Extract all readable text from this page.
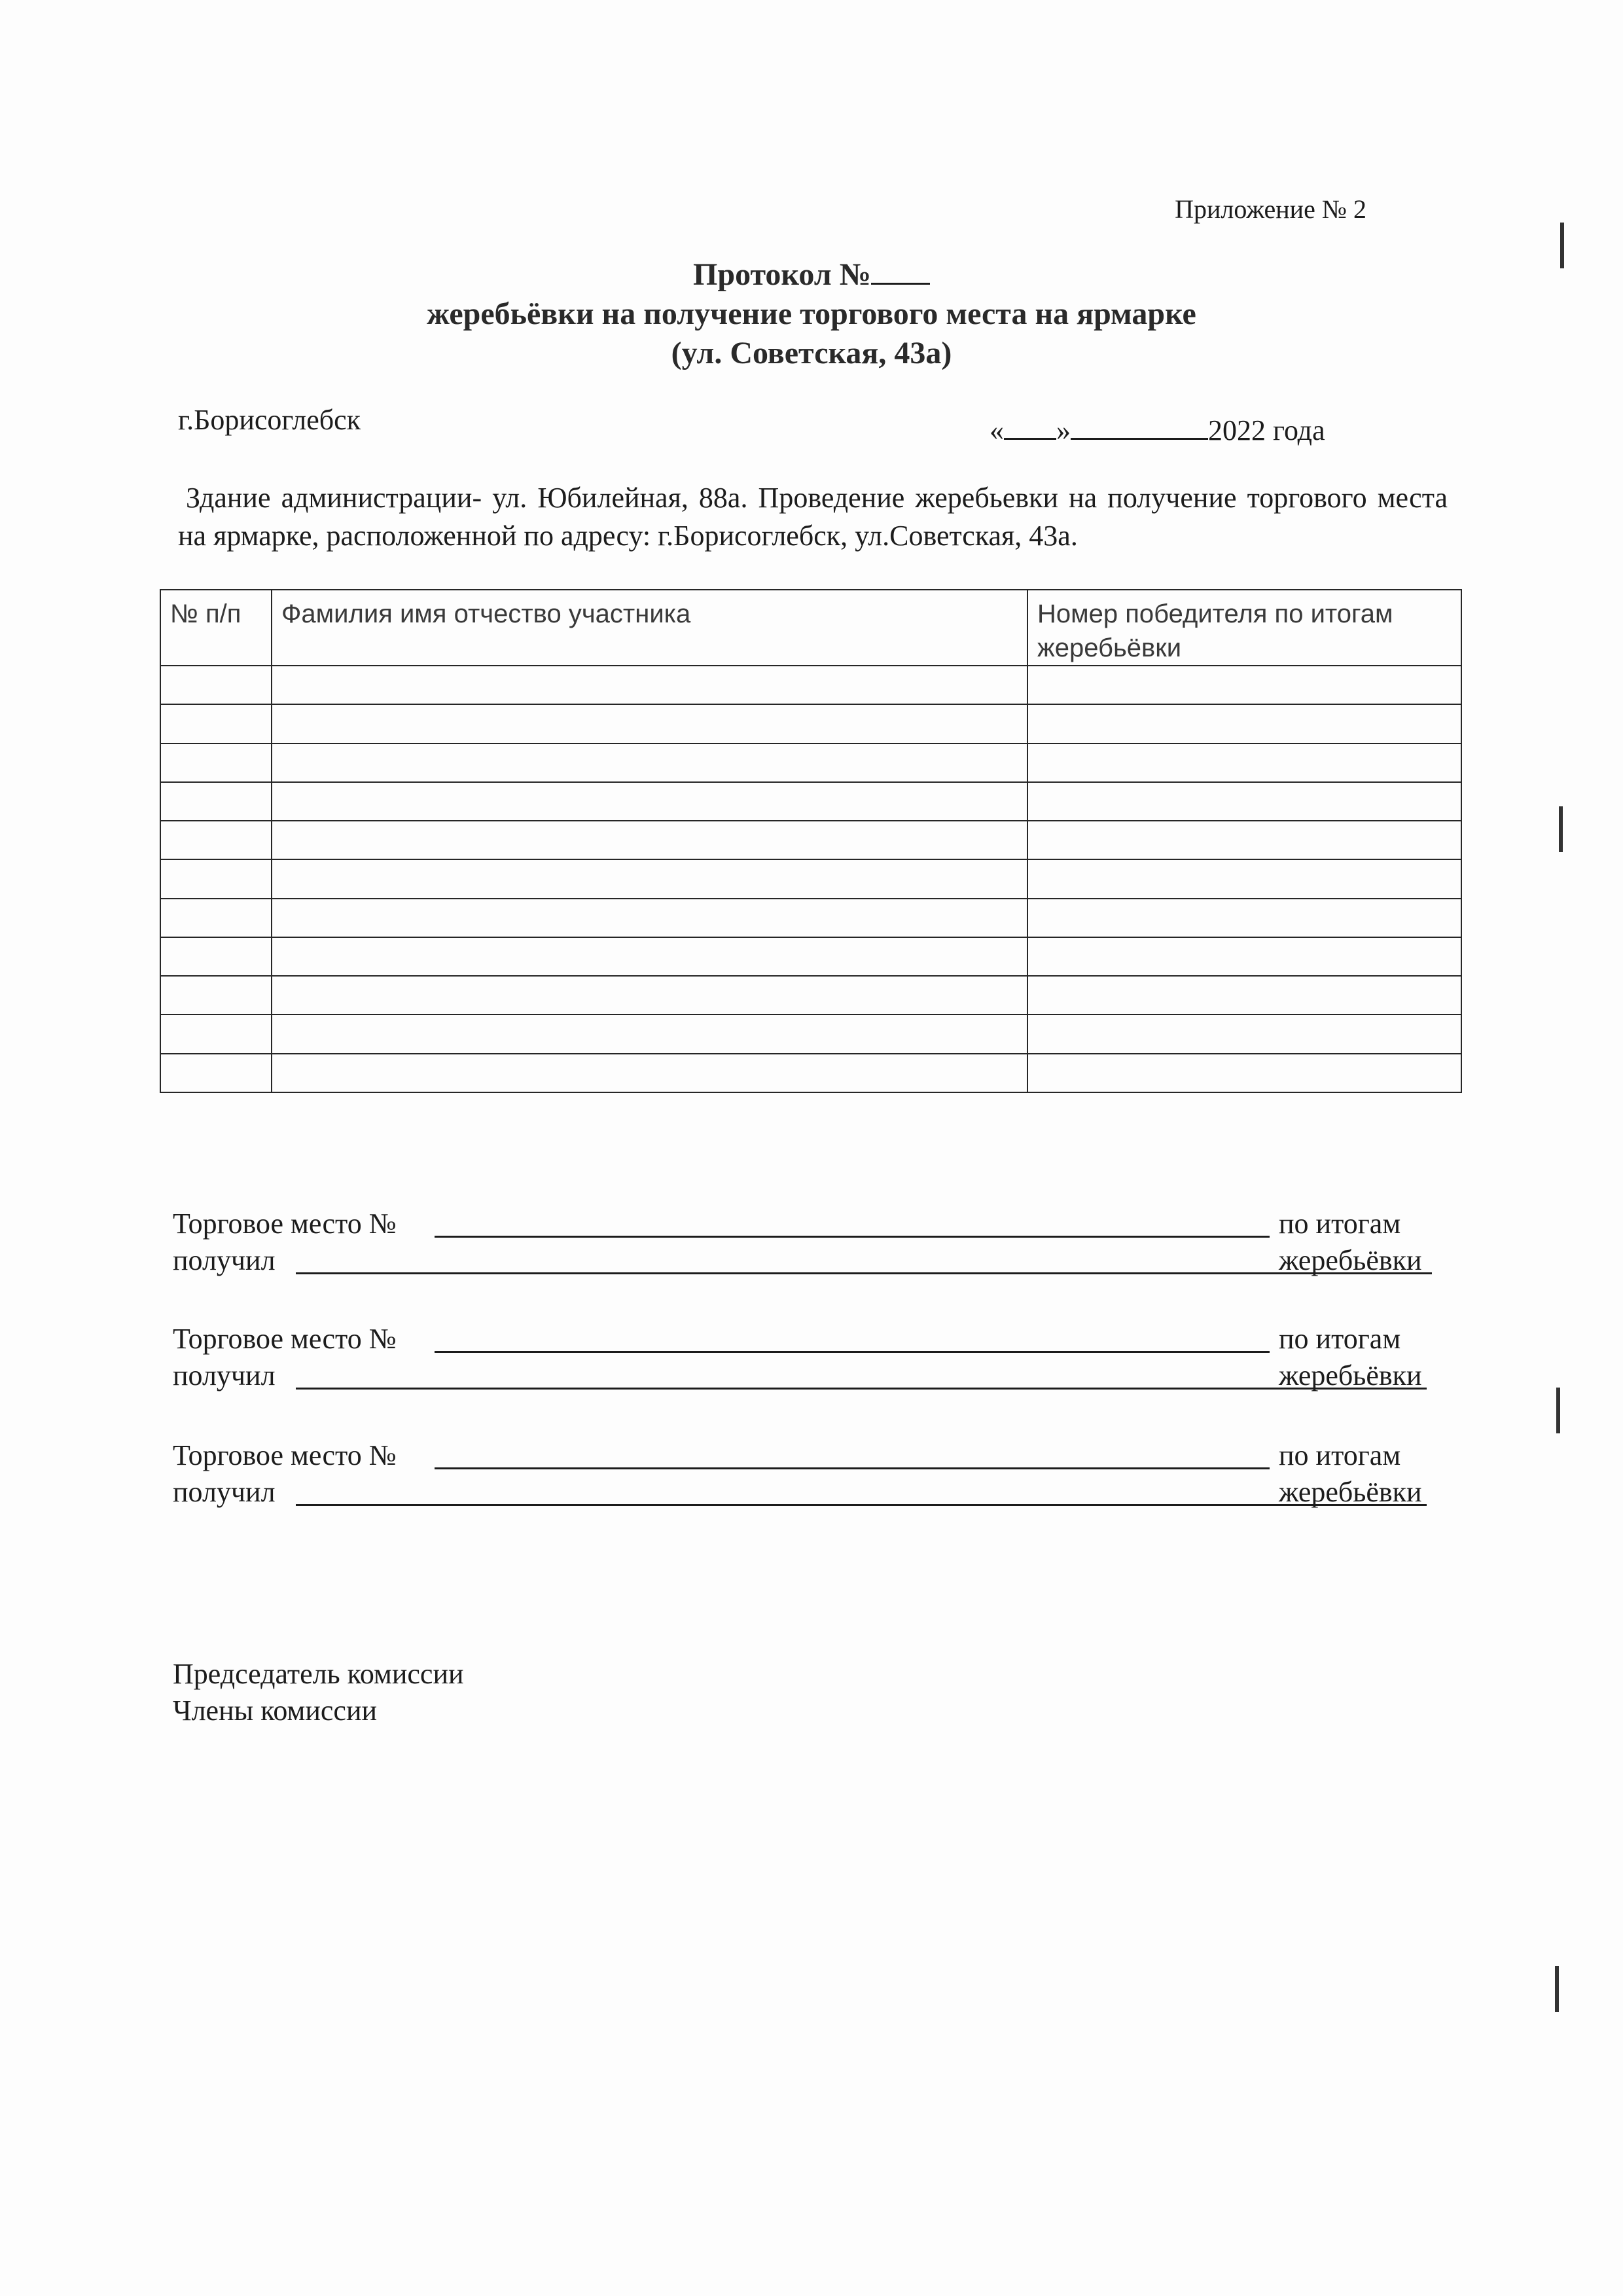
Приложение № 2
Протокол №
жеребьёвки на получение торгового места на ярмарке
(ул. Советская, 43а)
г.Борисоглебск	« »	2022 года
Здание администрации- ул. Юбилейная, 88а. Проведение жеребьевки на получение торгового места на ярмарке, расположенной по адресу: г.Борисоглебск, ул.Советская, 43а.
№ п/п	Фамилия имя отчество участника	Номер победителя по итогам жеребьёвки

Торговое место №	по итогам жеребьёвки
получил
Торговое место №	по итогам жеребьёвки
получил
Торговое место №	по итогам жеребьёвки
получил
Председатель комиссии
Члены комиссии
